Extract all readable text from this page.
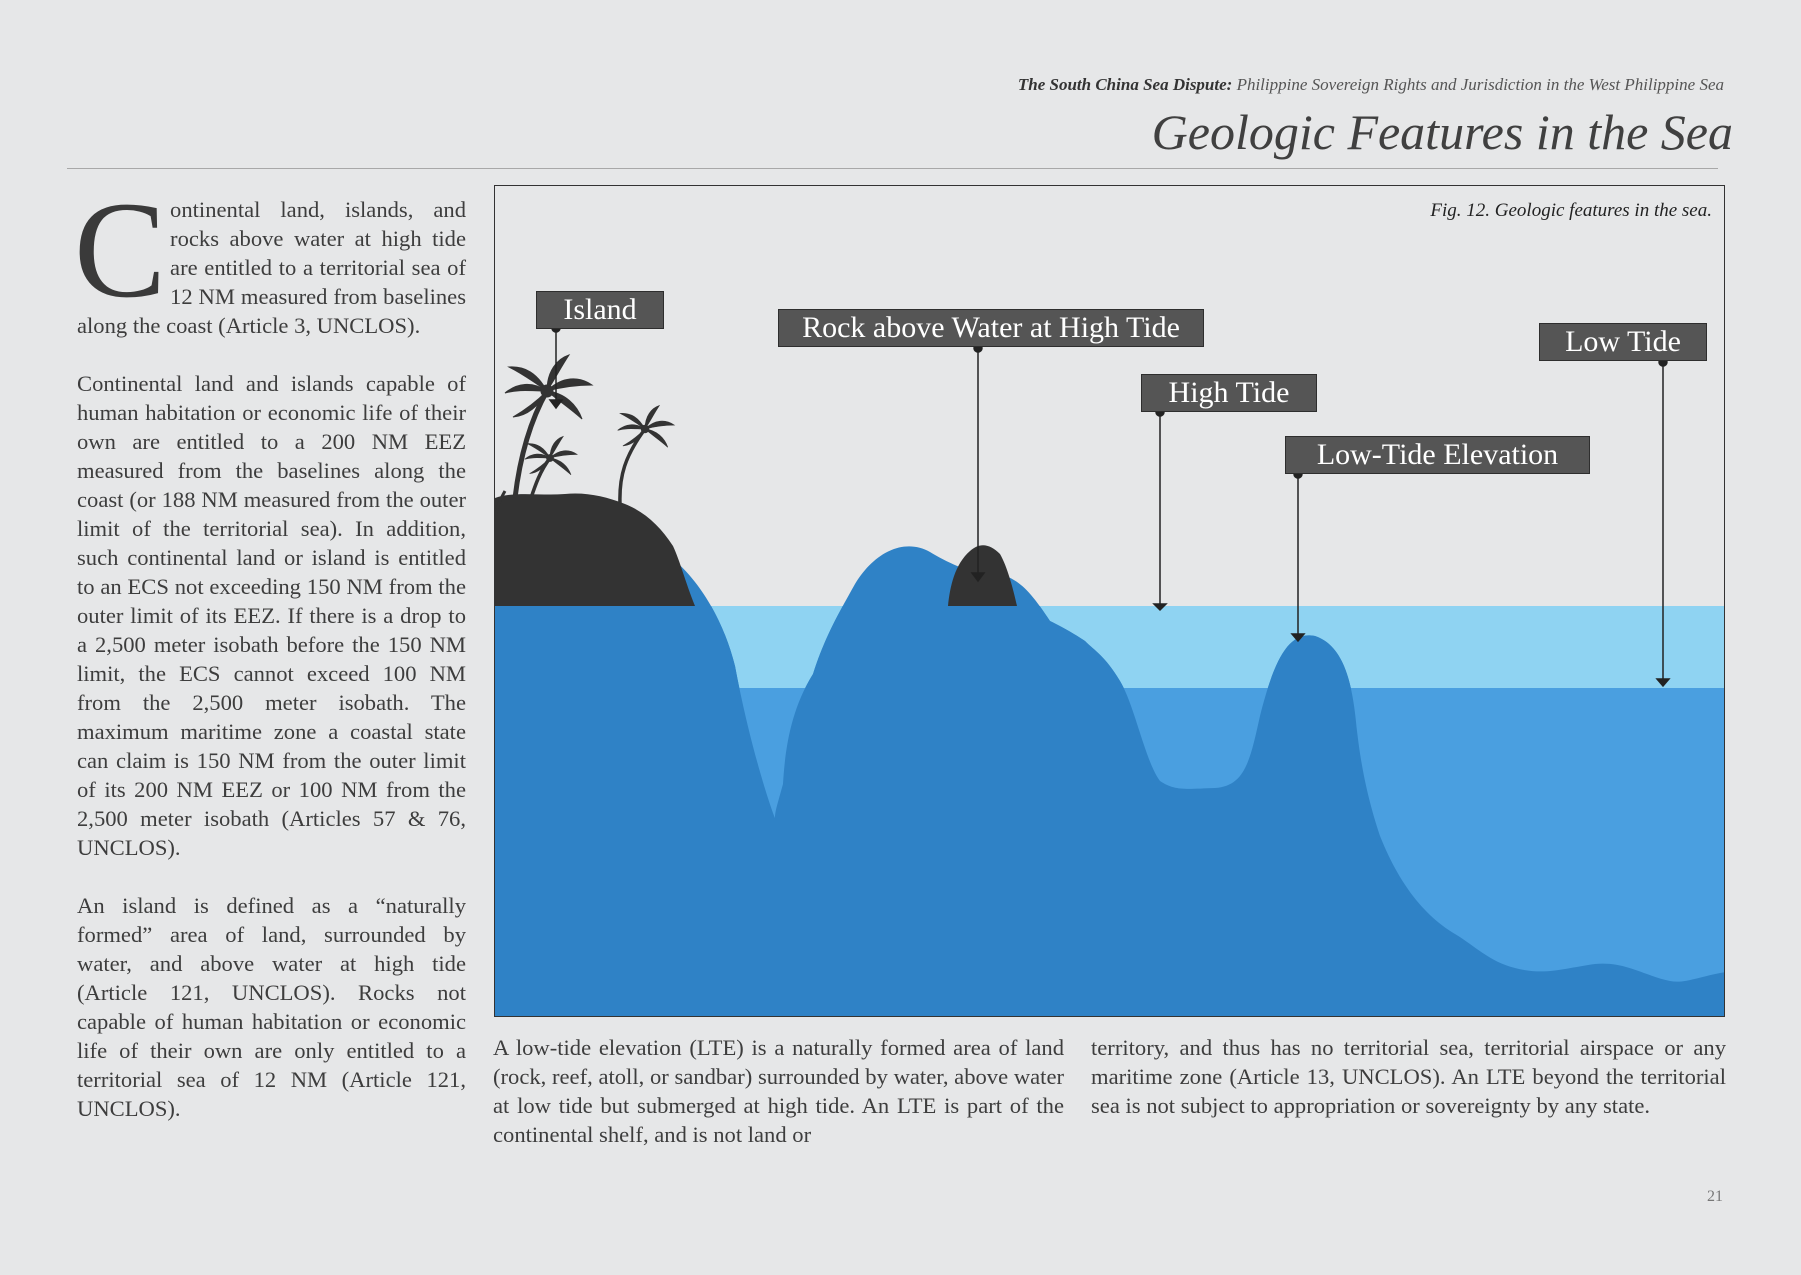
The South China Sea Dispute: Philippine Sovereign Rights and Jurisdiction in the West Philippine Sea
Geologic Features in the Sea

Continental land, islands, and rocks above water at high tide are entitled to a territorial sea of 12 NM measured from baselines along the coast (Article 3, UNCLOS).

Continental land and islands capable of human habitation or economic life of their own are entitled to a 200 NM EEZ measured from the baselines along the coast (or 188 NM measured from the outer limit of the territorial sea). In addition, such continental land or island is entitled to an ECS not exceeding 150 NM from the outer limit of its EEZ. If there is a drop to a 2,500 meter isobath before the 150 NM limit, the ECS cannot exceed 100 NM from the 2,500 meter isobath. The maximum maritime zone a coastal state can claim is 150 NM from the outer limit of its 200 NM EEZ or 100 NM from the 2,500 meter isobath (Articles 57 & 76, UNCLOS).

An island is defined as a “naturally formed” area of land, surrounded by water, and above water at high tide (Article 121, UNCLOS). Rocks not capable of human habitation or economic life of their own are only entitled to a territorial sea of 12 NM (Article 121, UNCLOS).

Fig. 12. Geologic features in the sea.
Island
Rock above Water at High Tide
High Tide
Low-Tide Elevation
Low Tide

A low-tide elevation (LTE) is a naturally formed area of land (rock, reef, atoll, or sandbar) surrounded by water, above water at low tide but submerged at high tide. An LTE is part of the continental shelf, and is not land or

territory, and thus has no territorial sea, territorial airspace or any maritime zone (Article 13, UNCLOS). An LTE beyond the territorial sea is not subject to appropriation or sovereignty by any state.

21
